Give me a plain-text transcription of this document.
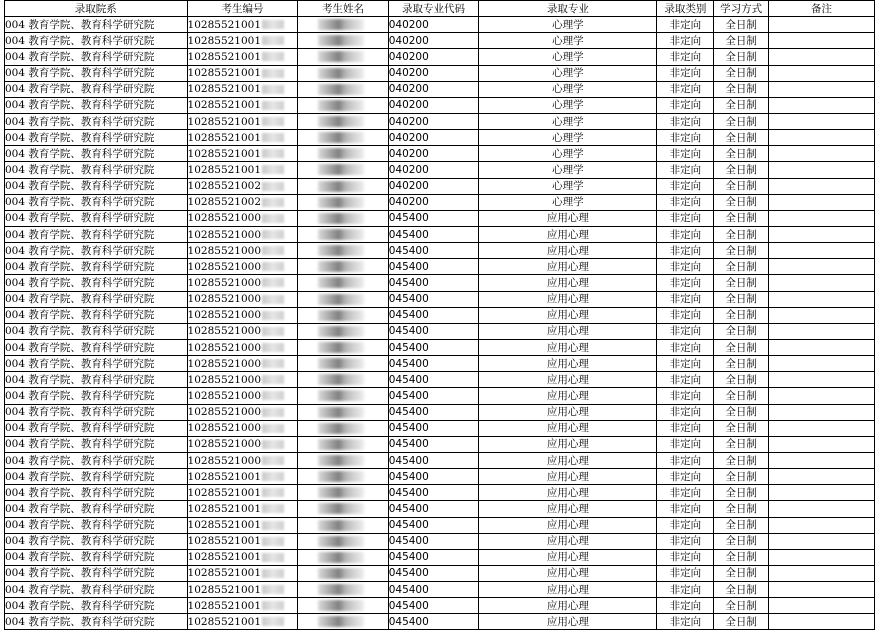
录取院系	考生编号	考生姓名	录取专业代码	录取专业	录取类别	学习方式	备注
004 教育学院、教育科学研究院	10285521001		040200	心理学	非定向	全日制	
004 教育学院、教育科学研究院	10285521001		040200	心理学	非定向	全日制	
004 教育学院、教育科学研究院	10285521001		040200	心理学	非定向	全日制	
004 教育学院、教育科学研究院	10285521001		040200	心理学	非定向	全日制	
004 教育学院、教育科学研究院	10285521001		040200	心理学	非定向	全日制	
004 教育学院、教育科学研究院	10285521001		040200	心理学	非定向	全日制	
004 教育学院、教育科学研究院	10285521001		040200	心理学	非定向	全日制	
004 教育学院、教育科学研究院	10285521001		040200	心理学	非定向	全日制	
004 教育学院、教育科学研究院	10285521001		040200	心理学	非定向	全日制	
004 教育学院、教育科学研究院	10285521001		040200	心理学	非定向	全日制	
004 教育学院、教育科学研究院	10285521002		040200	心理学	非定向	全日制	
004 教育学院、教育科学研究院	10285521002		040200	心理学	非定向	全日制	
004 教育学院、教育科学研究院	10285521000		045400	应用心理	非定向	全日制	
004 教育学院、教育科学研究院	10285521000		045400	应用心理	非定向	全日制	
004 教育学院、教育科学研究院	10285521000		045400	应用心理	非定向	全日制	
004 教育学院、教育科学研究院	10285521000		045400	应用心理	非定向	全日制	
004 教育学院、教育科学研究院	10285521000		045400	应用心理	非定向	全日制	
004 教育学院、教育科学研究院	10285521000		045400	应用心理	非定向	全日制	
004 教育学院、教育科学研究院	10285521000		045400	应用心理	非定向	全日制	
004 教育学院、教育科学研究院	10285521000		045400	应用心理	非定向	全日制	
004 教育学院、教育科学研究院	10285521000		045400	应用心理	非定向	全日制	
004 教育学院、教育科学研究院	10285521000		045400	应用心理	非定向	全日制	
004 教育学院、教育科学研究院	10285521000		045400	应用心理	非定向	全日制	
004 教育学院、教育科学研究院	10285521000		045400	应用心理	非定向	全日制	
004 教育学院、教育科学研究院	10285521000		045400	应用心理	非定向	全日制	
004 教育学院、教育科学研究院	10285521000		045400	应用心理	非定向	全日制	
004 教育学院、教育科学研究院	10285521000		045400	应用心理	非定向	全日制	
004 教育学院、教育科学研究院	10285521000		045400	应用心理	非定向	全日制	
004 教育学院、教育科学研究院	10285521001		045400	应用心理	非定向	全日制	
004 教育学院、教育科学研究院	10285521001		045400	应用心理	非定向	全日制	
004 教育学院、教育科学研究院	10285521001		045400	应用心理	非定向	全日制	
004 教育学院、教育科学研究院	10285521001		045400	应用心理	非定向	全日制	
004 教育学院、教育科学研究院	10285521001		045400	应用心理	非定向	全日制	
004 教育学院、教育科学研究院	10285521001		045400	应用心理	非定向	全日制	
004 教育学院、教育科学研究院	10285521001		045400	应用心理	非定向	全日制	
004 教育学院、教育科学研究院	10285521001		045400	应用心理	非定向	全日制	
004 教育学院、教育科学研究院	10285521001		045400	应用心理	非定向	全日制	
004 教育学院、教育科学研究院	10285521001		045400	应用心理	非定向	全日制	
